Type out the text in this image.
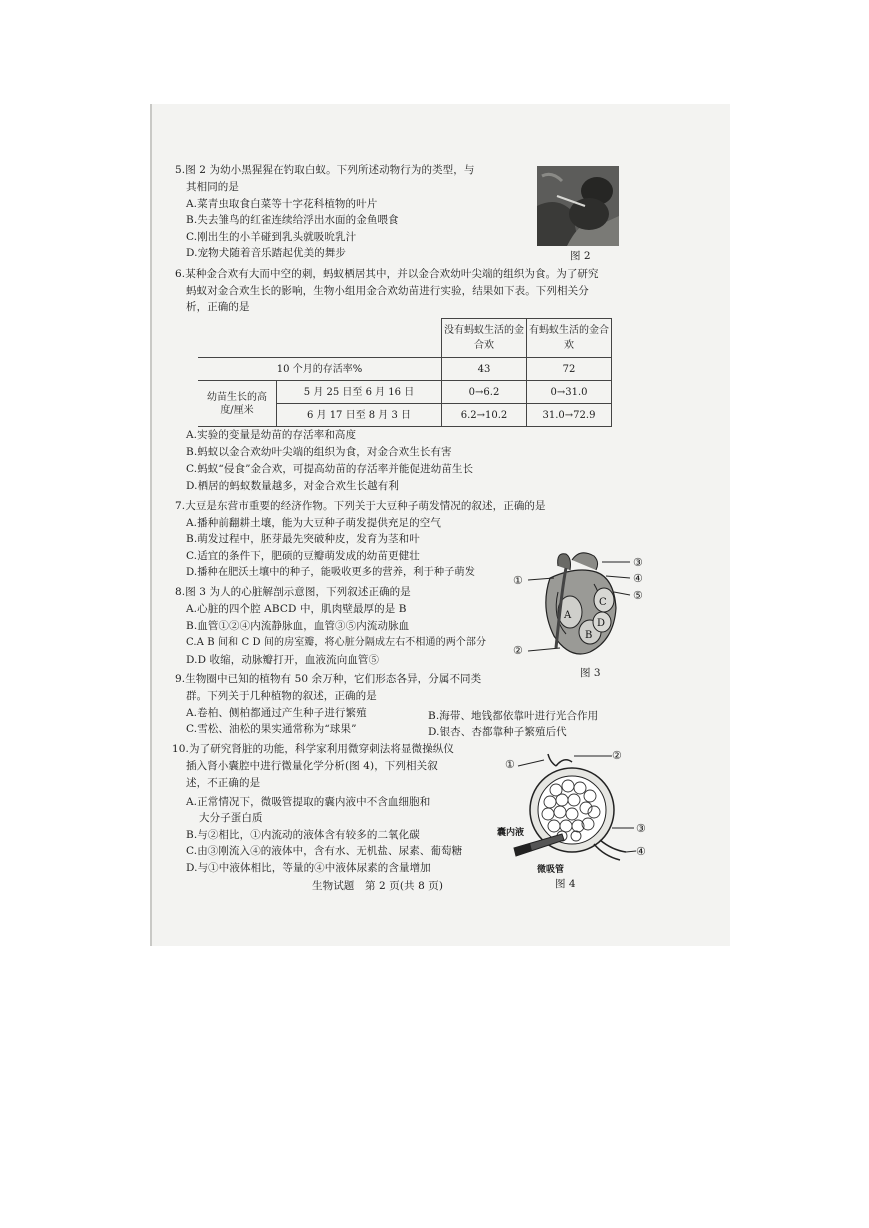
5.图 2 为幼小黑猩猩在钓取白蚁。下列所述动物行为的类型，与
其相同的是
A.菜青虫取食白菜等十字花科植物的叶片
B.失去雏鸟的红雀连续给浮出水面的金鱼喂食
C.刚出生的小羊碰到乳头就吸吮乳汁
D.宠物犬随着音乐踏起优美的舞步	图 2
6.某种金合欢有大而中空的刺，蚂蚁栖居其中，并以金合欢幼叶尖端的组织为食。为了研究
蚂蚁对金合欢生长的影响，生物小组用金合欢幼苗进行实验，结果如下表。下列相关分
析，正确的是
		没有蚂蚁生活的金合欢	有蚂蚁生活的金合欢
10 个月的存活率%		43	72
幼苗生长的高度/厘米	5 月 25 日至 6 月 16 日	0→6.2	0→31.0
	6 月 17 日至 8 月 3 日	6.2→10.2	31.0→72.9
A.实验的变量是幼苗的存活率和高度
B.蚂蚁以金合欢幼叶尖端的组织为食，对金合欢生长有害
C.蚂蚁“侵食”金合欢，可提高幼苗的存活率并能促进幼苗生长
D.栖居的蚂蚁数量越多，对金合欢生长越有利
7.大豆是东营市重要的经济作物。下列关于大豆种子萌发情况的叙述，正确的是
A.播种前翻耕土壤，能为大豆种子萌发提供充足的空气
B.萌发过程中，胚芽最先突破种皮，发育为茎和叶
C.适宜的条件下，肥硕的豆瓣萌发成的幼苗更健壮
D.播种在肥沃土壤中的种子，能吸收更多的营养，利于种子萌发
A
B
C
D
③
④
⑤
①
②
图 3
8.图 3 为人的心脏解剖示意图，下列叙述正确的是
A.心脏的四个腔 ABCD 中，肌肉壁最厚的是 B
B.血管①②④内流静脉血，血管③⑤内流动脉血
C.A B 间和 C D 间的房室瓣，将心脏分隔成左右不相通的两个部分
D.D 收缩，动脉瓣打开，血液流向血管⑤
9.生物圈中已知的植物有 50 余万种，它们形态各异，分属不同类
群。下列关于几种植物的叙述，正确的是
A.卷柏、侧柏都通过产生种子进行繁殖	B.海带、地钱都依靠叶进行光合作用
C.雪松、油松的果实通常称为“球果”	D.银杏、杏都靠种子繁殖后代
10.为了研究肾脏的功能，科学家利用微穿刺法将显微操纵仪
插入肾小囊腔中进行微量化学分析(图 4)，下列相关叙
述，不正确的是
A.正常情况下，微吸管提取的囊内液中不含血细胞和
大分子蛋白质
B.与②相比，①内流动的液体含有较多的二氧化碳
C.由③刚流入④的液体中，含有水、无机盐、尿素、葡萄糖
D.与①中液体相比，等量的④中液体尿素的含量增加
②
①
③
④
囊内液
微吸管
图 4
生物试题　第 2 页(共 8 页)
